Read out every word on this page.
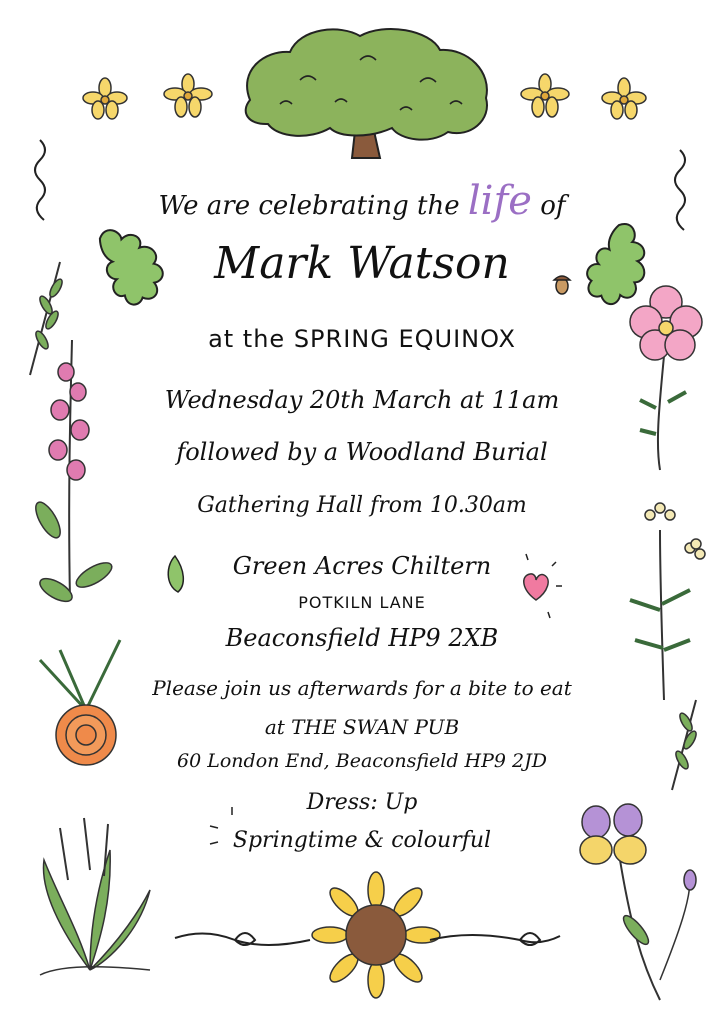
We are celebrating the life of
Mark Watson
at the SPRING EQUINOX
Wednesday 20th March at 11am
followed by a Woodland Burial
Gathering Hall from 10.30am
Green Acres Chiltern
POTKILN LANE
Beaconsfield HP9 2XB
Please join us afterwards for a bite to eat
at THE SWAN PUB
60 London End, Beaconsfield HP9 2JD
Dress: Up
Springtime & colourful
